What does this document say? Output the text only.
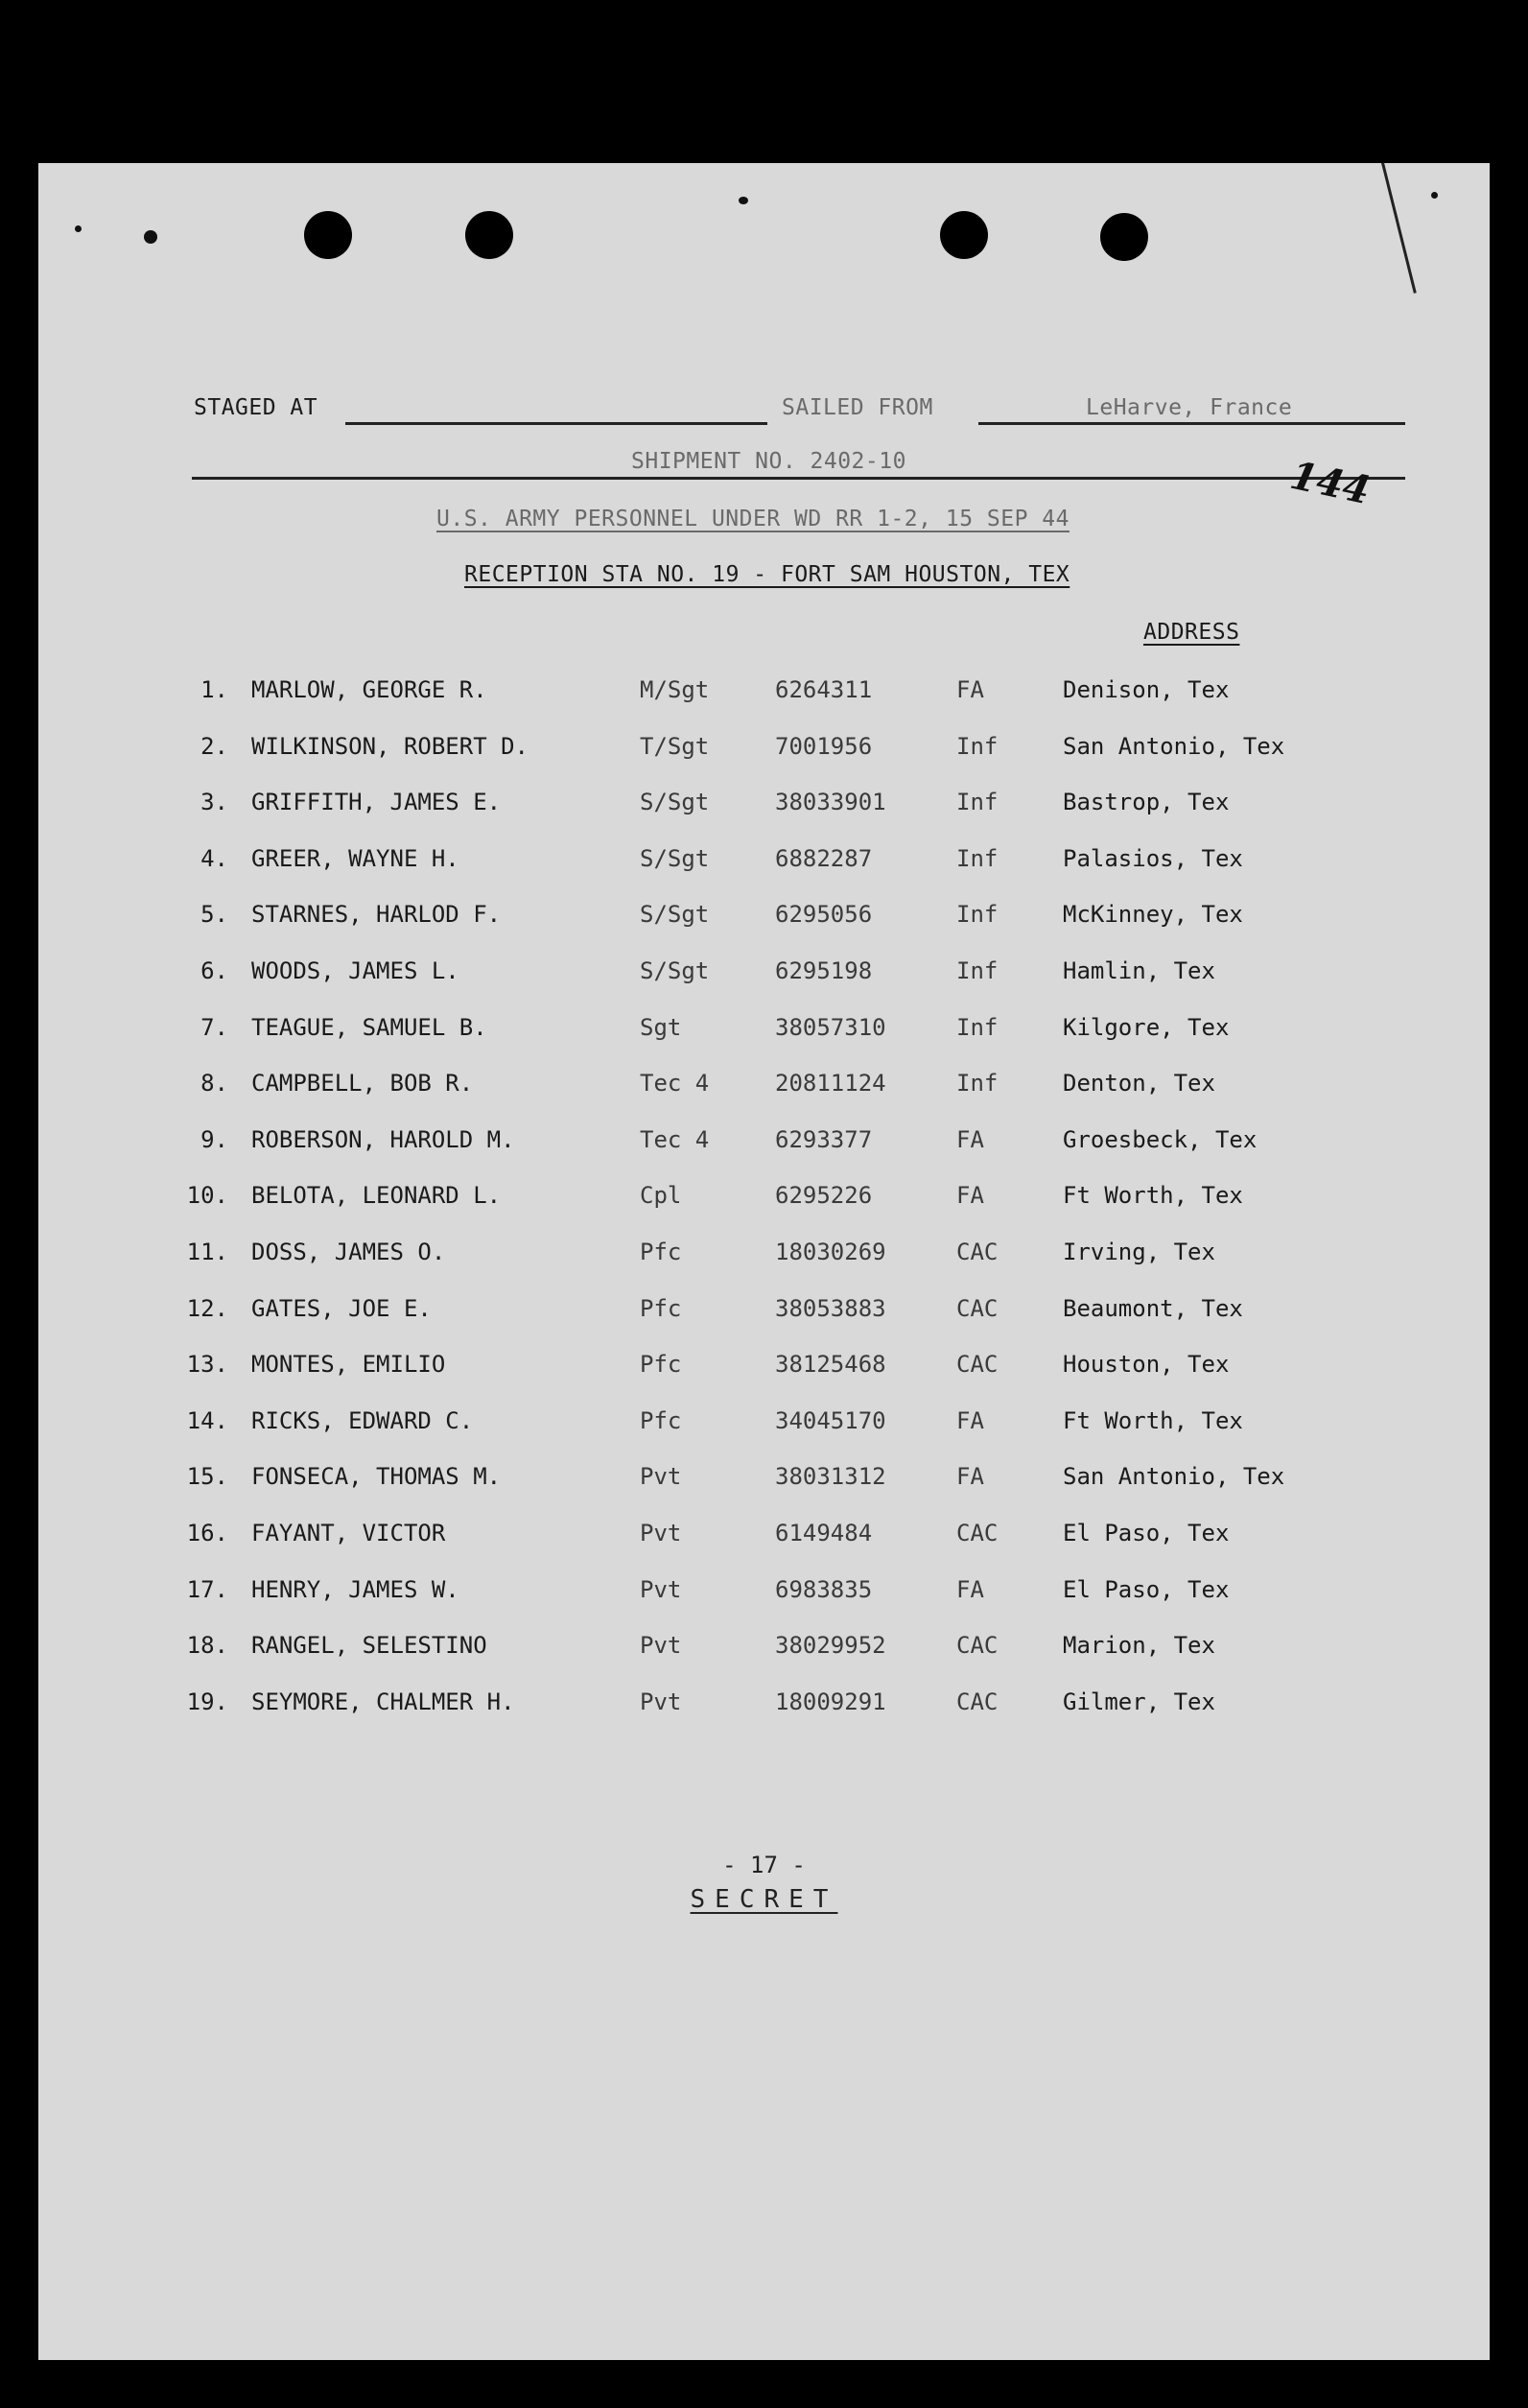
STAGED AT	SAILED FROM	LeHarve, France
SHIPMENT NO. 2402-10
U.S. ARMY PERSONNEL UNDER WD RR 1-2, 15 SEP 44
RECEPTION STA NO. 19 - FORT SAM HOUSTON, TEX
ADDRESS
144
1. MARLOW, GEORGE R.	M/Sgt	6264311	FA	Denison, Tex
2. WILKINSON, ROBERT D.	T/Sgt	7001956	Inf	San Antonio, Tex
3. GRIFFITH, JAMES E.	S/Sgt	38033901	Inf	Bastrop, Tex
4. GREER, WAYNE H.	S/Sgt	6882287	Inf	Palasios, Tex
5. STARNES, HARLOD F.	S/Sgt	6295056	Inf	McKinney, Tex
6. WOODS, JAMES L.	S/Sgt	6295198	Inf	Hamlin, Tex
7. TEAGUE, SAMUEL B.	Sgt	38057310	Inf	Kilgore, Tex
8. CAMPBELL, BOB R.	Tec 4	20811124	Inf	Denton, Tex
9. ROBERSON, HAROLD M.	Tec 4	6293377	FA	Groesbeck, Tex
10. BELOTA, LEONARD L.	Cpl	6295226	FA	Ft Worth, Tex
11. DOSS, JAMES O.	Pfc	18030269	CAC	Irving, Tex
12. GATES, JOE E.	Pfc	38053883	CAC	Beaumont, Tex
13. MONTES, EMILIO	Pfc	38125468	CAC	Houston, Tex
14. RICKS, EDWARD C.	Pfc	34045170	FA	Ft Worth, Tex
15. FONSECA, THOMAS M.	Pvt	38031312	FA	San Antonio, Tex
16. FAYANT, VICTOR	Pvt	6149484	CAC	El Paso, Tex
17. HENRY, JAMES W.	Pvt	6983835	FA	El Paso, Tex
18. RANGEL, SELESTINO	Pvt	38029952	CAC	Marion, Tex
19. SEYMORE, CHALMER H.	Pvt	18009291	CAC	Gilmer, Tex
- 17 -
SECRET
